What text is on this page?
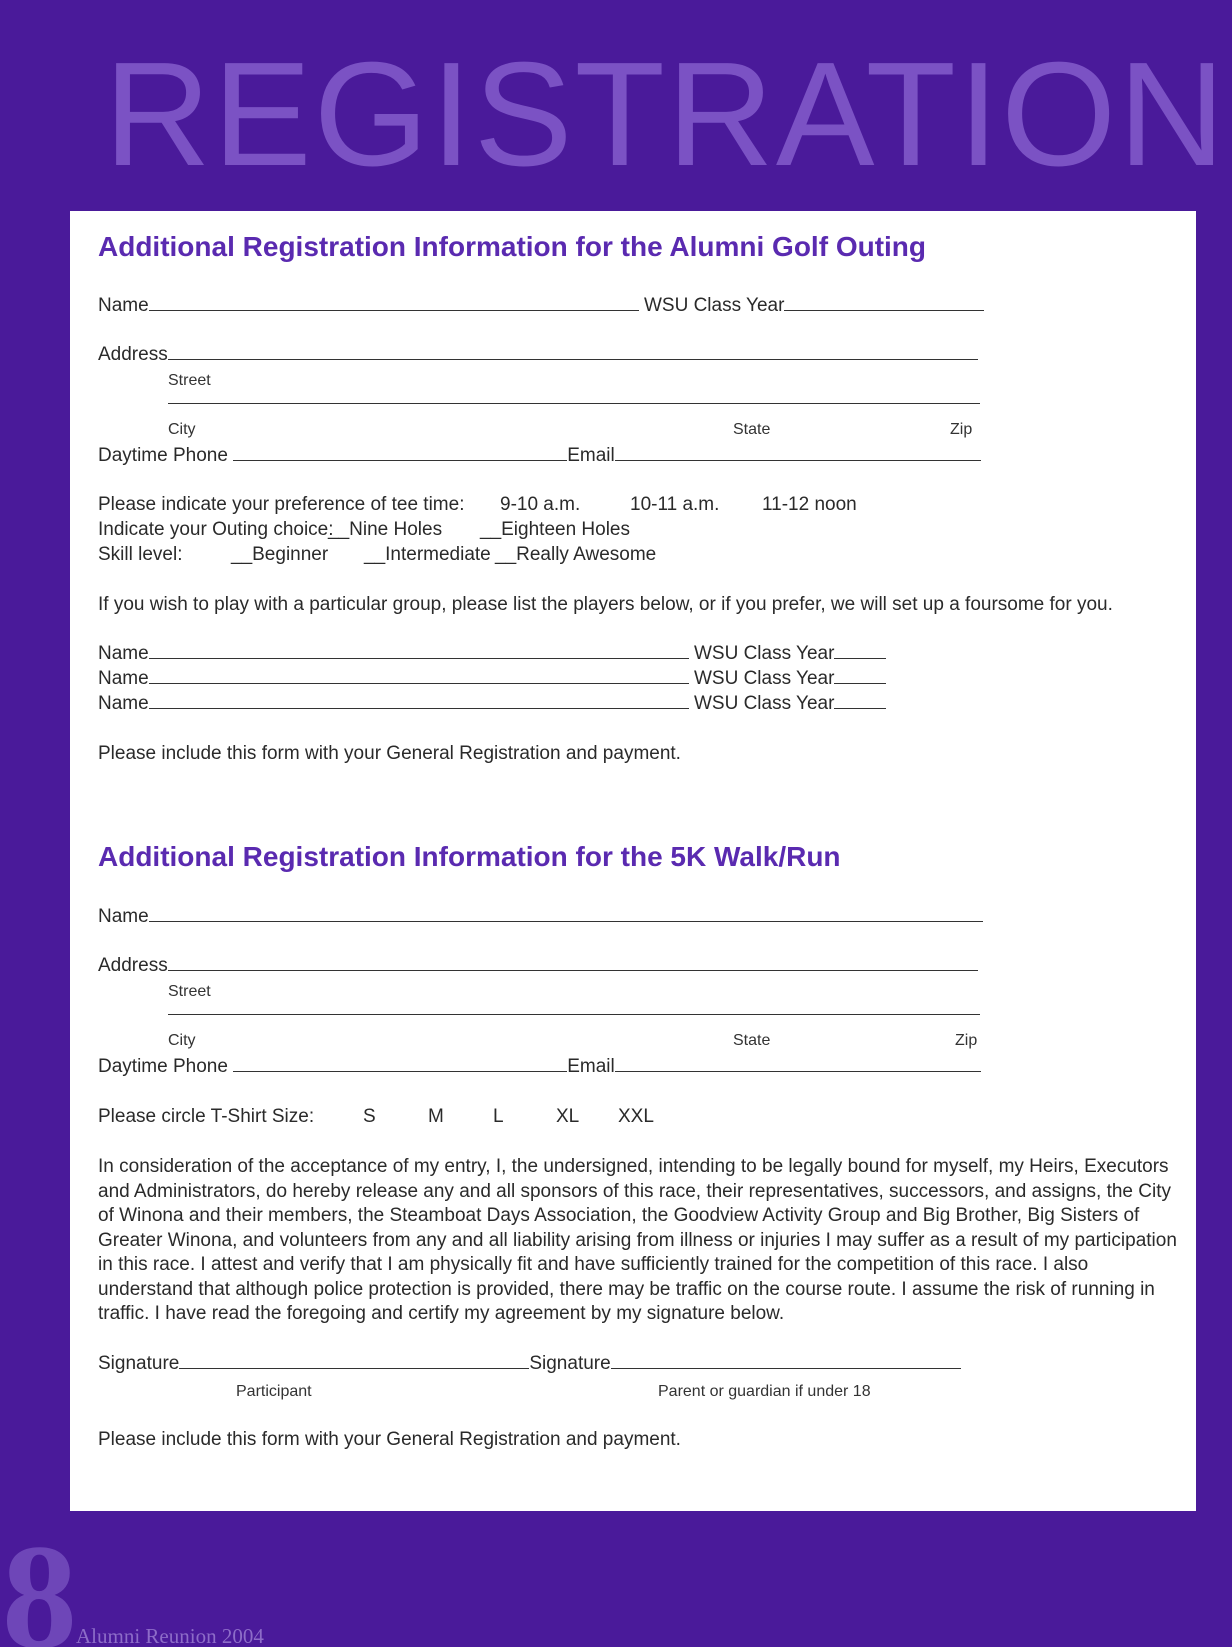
REGISTRATION
Additional Registration Information for the Alumni Golf Outing
Name	WSU Class Year
Address
Street
City	State	Zip
Daytime Phone	Email
Please indicate your preference of tee time: 9-10 a.m.	10-11 a.m. 11-12 noon
Indicate your Outing choice:__Nine Holes __Eighteen Holes
Skill level:	__Beginner __Intermediate __Really Awesome
If you wish to play with a particular group, please list the players below, or if you prefer, we will set up a foursome for you.
Name	WSU Class Year
Name	WSU Class Year
Name	WSU Class Year
Please include this form with your General Registration and payment.
Additional Registration Information for the 5K Walk/Run
Name
Address
Street
City	State	Zip
Daytime Phone	Email
Please circle T-Shirt Size:	S	M	L	XL XXL
In consideration of the acceptance of my entry, I, the undersigned, intending to be legally bound for myself, my Heirs, Executors and Administrators, do hereby release any and all sponsors of this race, their representatives, successors, and assigns, the City of Winona and their members, the Steamboat Days Association, the Goodview Activity Group and Big Brother, Big Sisters of Greater Winona, and volunteers from any and all liability arising from illness or injuries I may suffer as a result of my participation in this race. I attest and verify that I am physically fit and have sufficiently trained for the competition of this race. I also understand that although police protection is provided, there may be traffic on the course route. I assume the risk of running in traffic. I have read the foregoing and certify my agreement by my signature below.
Signature	Signature
Participant	Parent or guardian if under 18
Please include this form with your General Registration and payment.
8 Alumni Reunion 2004
